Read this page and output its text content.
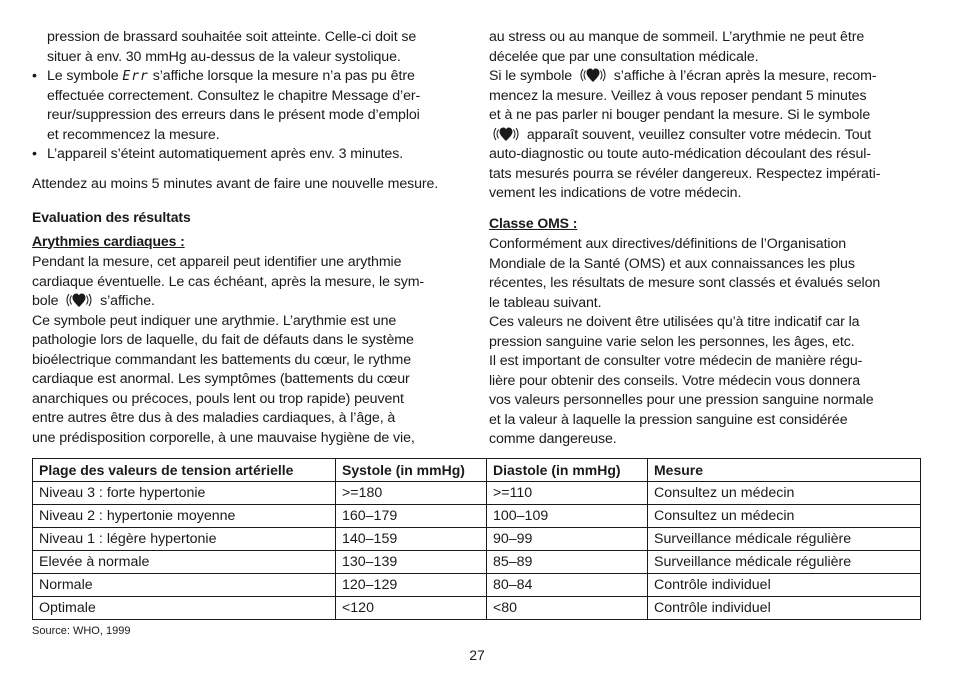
pression de brassard souhaitée soit atteinte. Celle-ci doit se

situer à env. 30 mmHg au-dessus de la valeur systolique.

• Le symbole Err s’affiche lorsque la mesure n’a pas pu être

effectuée correctement. Consultez le chapitre Message d’er-

reur/suppression des erreurs dans le présent mode d’emploi

et recommencez la mesure.

• L’appareil s’éteint automatiquement après env. 3 minutes.

Attendez au moins 5 minutes avant de faire une nouvelle mesure.

Evaluation des résultats

Arythmies cardiaques :

Pendant la mesure, cet appareil peut identifier une arythmie

cardiaque éventuelle. Le cas échéant, après la mesure, le sym-

bole	s’affiche.

Ce symbole peut indiquer une arythmie. L’arythmie est une

pathologie lors de laquelle, du fait de défauts dans le système

bioélectrique commandant les battements du cœur, le rythme

cardiaque est anormal. Les symptômes (battements du cœur

anarchiques ou précoces, pouls lent ou trop rapide) peuvent

entre autres être dus à des maladies cardiaques, à l’âge, à

une prédisposition corporelle, à une mauvaise hygiène de vie,

au stress ou au manque de sommeil. L’arythmie ne peut être

décelée que par une consultation médicale.

Si le symbole	s’affiche à l’écran après la mesure, recom-

mencez la mesure. Veillez à vous reposer pendant 5 minutes

et à ne pas parler ni bouger pendant la mesure. Si le symbole

apparaît souvent, veuillez consulter votre médecin. Tout

auto-diagnostic ou toute auto-médication découlant des résul-

tats mesurés pourra se révéler dangereux. Respectez impérati-

vement les indications de votre médecin.

Classe OMS :

Conformément aux directives/définitions de l’Organisation

Mondiale de la Santé (OMS) et aux connaissances les plus

récentes, les résultats de mesure sont classés et évalués selon

le tableau suivant.

Ces valeurs ne doivent être utilisées qu’à titre indicatif car la

pression sanguine varie selon les personnes, les âges, etc.

Il est important de consulter votre médecin de manière régu-

lière pour obtenir des conseils. Votre médecin vous donnera

vos valeurs personnelles pour une pression sanguine normale

et la valeur à laquelle la pression sanguine est considérée

comme dangereuse.

Plage des valeurs de tension artérielle	Systole (in mmHg)	Diastole (in mmHg)	Mesure
Niveau 3 : forte hypertonie	>=180	>=110	Consultez un médecin
Niveau 2 : hypertonie moyenne	160–179	100–109	Consultez un médecin
Niveau 1 : légère hypertonie	140–159	90–99	Surveillance médicale régulière
Elevée à normale	130–139	85–89	Surveillance médicale régulière
Normale	120–129	80–84	Contrôle individuel
Optimale	<120	<80	Contrôle individuel
Source: WHO, 1999
27
